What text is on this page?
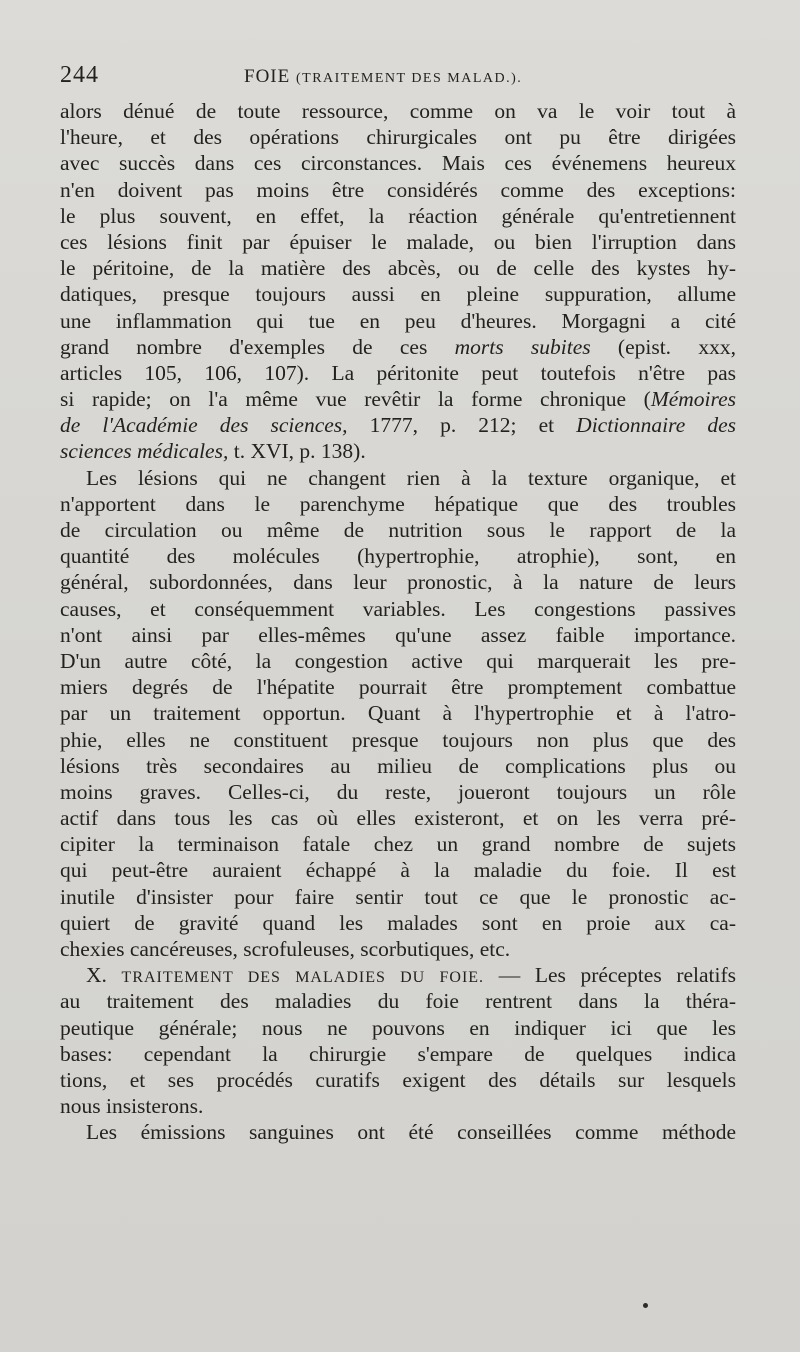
244	FOIE (TRAITEMENT DES MALAD.).
alors dénué de toute ressource, comme on va le voir tout à
l'heure, et des opérations chirurgicales ont pu être dirigées
avec succès dans ces circonstances. Mais ces événemens heureux
n'en doivent pas moins être considérés comme des exceptions:
le plus souvent, en effet, la réaction générale qu'entretiennent
ces lésions finit par épuiser le malade, ou bien l'irruption dans
le péritoine, de la matière des abcès, ou de celle des kystes hy-
datiques, presque toujours aussi en pleine suppuration, allume
une inflammation qui tue en peu d'heures. Morgagni a cité
grand nombre d'exemples de ces morts subites (epist. xxx,
articles 105, 106, 107). La péritonite peut toutefois n'être pas
si rapide; on l'a même vue revêtir la forme chronique (Mémoires
de l'Académie des sciences, 1777, p. 212; et Dictionnaire des
sciences médicales, t. XVI, p. 138).
Les lésions qui ne changent rien à la texture organique, et
n'apportent dans le parenchyme hépatique que des troubles
de circulation ou même de nutrition sous le rapport de la
quantité des molécules (hypertrophie, atrophie), sont, en
général, subordonnées, dans leur pronostic, à la nature de leurs
causes, et conséquemment variables. Les congestions passives
n'ont ainsi par elles-mêmes qu'une assez faible importance.
D'un autre côté, la congestion active qui marquerait les pre-
miers degrés de l'hépatite pourrait être promptement combattue
par un traitement opportun. Quant à l'hypertrophie et à l'atro-
phie, elles ne constituent presque toujours non plus que des
lésions très secondaires au milieu de complications plus ou
moins graves. Celles-ci, du reste, joueront toujours un rôle
actif dans tous les cas où elles existeront, et on les verra pré-
cipiter la terminaison fatale chez un grand nombre de sujets
qui peut-être auraient échappé à la maladie du foie. Il est
inutile d'insister pour faire sentir tout ce que le pronostic ac-
quiert de gravité quand les malades sont en proie aux ca-
chexies cancéreuses, scrofuleuses, scorbutiques, etc.
X. TRAITEMENT DES MALADIES DU FOIE. — Les préceptes relatifs
au traitement des maladies du foie rentrent dans la théra-
peutique générale; nous ne pouvons en indiquer ici que les
bases: cependant la chirurgie s'empare de quelques indica
tions, et ses procédés curatifs exigent des détails sur lesquels
nous insisterons.
Les émissions sanguines ont été conseillées comme méthode
